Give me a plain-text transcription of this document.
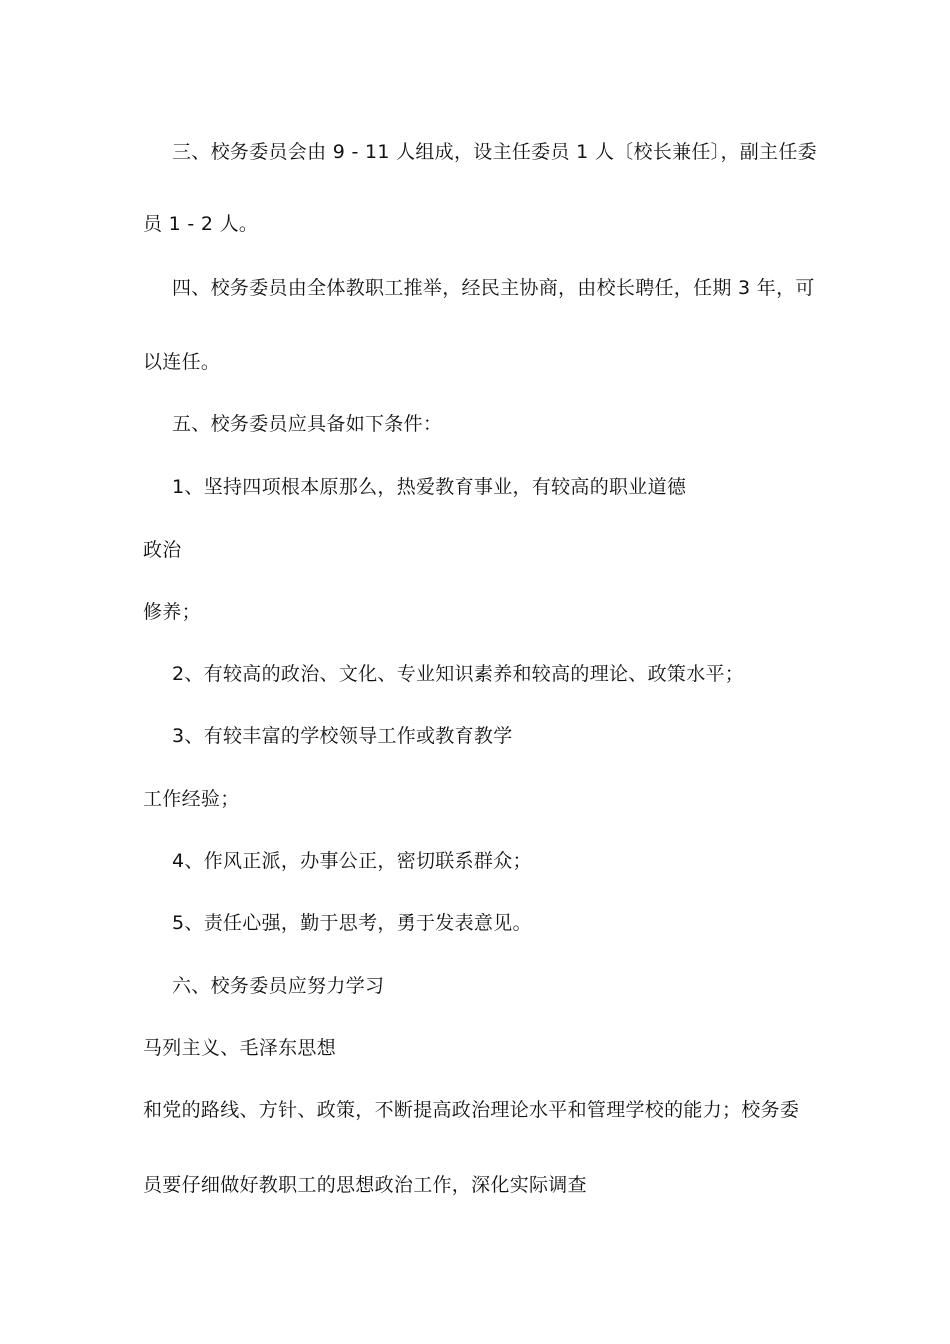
三、校务委员会由 9 - 11 人组成，设主任委员 1 人〔校长兼任〕，副主任委
员 1 - 2 人。
四、校务委员由全体教职工推举，经民主协商，由校长聘任，任期 3 年，可
以连任。
五、校务委员应具备如下条件：
1、坚持四项根本原那么，热爱教育事业，有较高的职业道德
政治
修养；
2、有较高的政治、文化、专业知识素养和较高的理论、政策水平；
3、有较丰富的学校领导工作或教育教学
工作经验；
4、作风正派，办事公正，密切联系群众；
5、责任心强，勤于思考，勇于发表意见。
六、校务委员应努力学习
马列主义、毛泽东思想
和党的路线、方针、政策，不断提高政治理论水平和管理学校的能力；校务委
员要仔细做好教职工的思想政治工作，深化实际调查
